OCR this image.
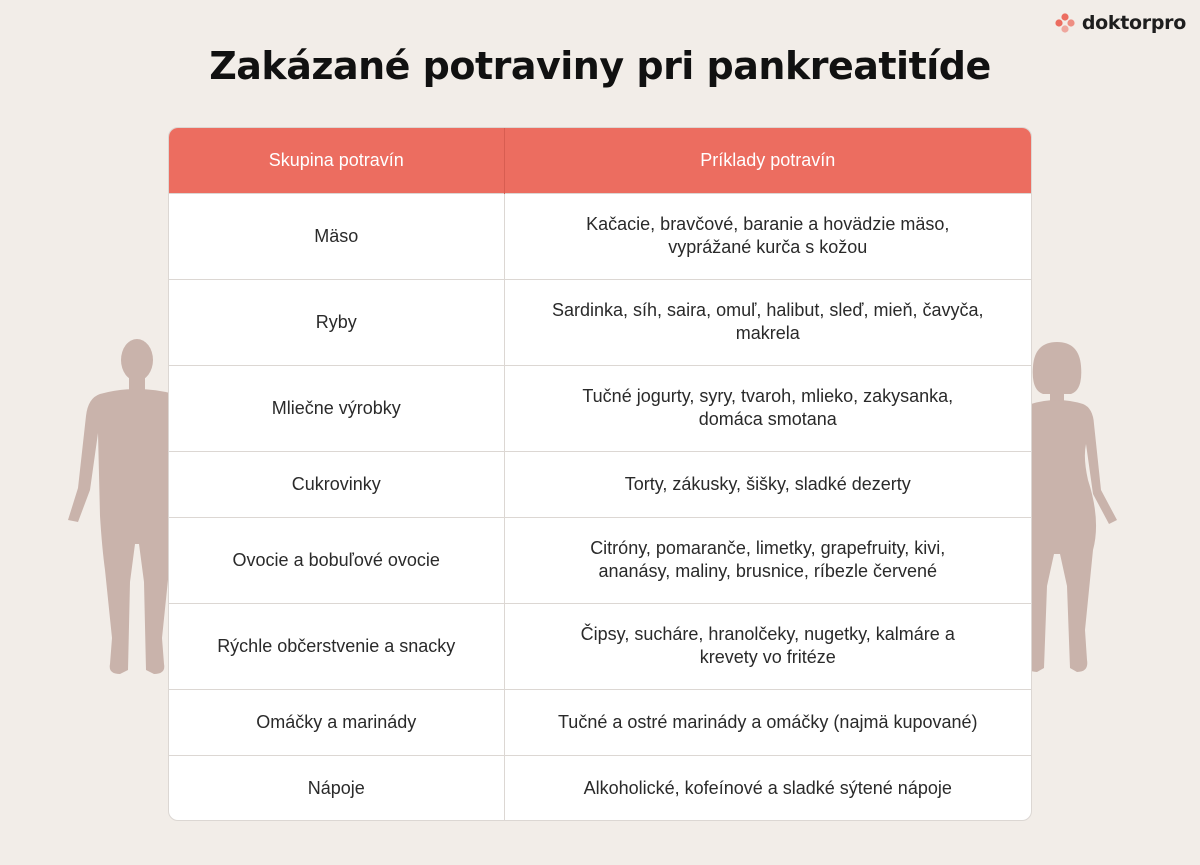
doktorpro
Zakázané potraviny pri pankreatitíde
Skupina potravín	Príklady potravín
Mäso	Kačacie, bravčové, baranie a hovädzie mäso,
vyprážané kurča s kožou
Ryby	Sardinka, síh, saira, omuľ, halibut, sleď, mieň, čavyča,
makrela
Mliečne výrobky	Tučné jogurty, syry, tvaroh, mlieko, zakysanka,
domáca smotana
Cukrovinky	Torty, zákusky, šišky, sladké dezerty
Ovocie a bobuľové ovocie	Citróny, pomaranče, limetky, grapefruity, kivi,
ananásy, maliny, brusnice, ríbezle červené
Rýchle občerstvenie a snacky	Čipsy, sucháre, hranolčeky, nugetky, kalmáre a
krevety vo fritéze
Omáčky a marinády	Tučné a ostré marinády a omáčky (najmä kupované)
Nápoje	Alkoholické, kofeínové a sladké sýtené nápoje
